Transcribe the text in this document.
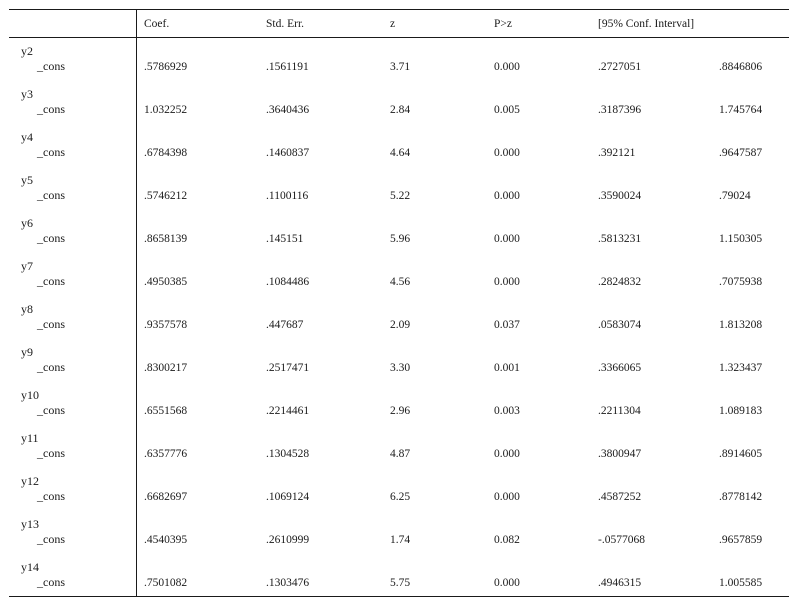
Coef.	Std. Err.	z	P>z	[95% Conf. Interval]
y2
_cons	.5786929	.1561191	3.71	0.000	.2727051	.8846806
y3
_cons	1.032252	.3640436	2.84	0.005	.3187396	1.745764
y4
_cons	.6784398	.1460837	4.64	0.000	.392121	.9647587
y5
_cons	.5746212	.1100116	5.22	0.000	.3590024	.79024
y6
_cons	.8658139	.145151	5.96	0.000	.5813231	1.150305
y7
_cons	.4950385	.1084486	4.56	0.000	.2824832	.7075938
y8
_cons	.9357578	.447687	2.09	0.037	.0583074	1.813208
y9
_cons	.8300217	.2517471	3.30	0.001	.3366065	1.323437
y10
_cons	.6551568	.2214461	2.96	0.003	.2211304	1.089183
y11
_cons	.6357776	.1304528	4.87	0.000	.3800947	.8914605
y12
_cons	.6682697	.1069124	6.25	0.000	.4587252	.8778142
y13
_cons	.4540395	.2610999	1.74	0.082	-.0577068	.9657859
y14
_cons	.7501082	.1303476	5.75	0.000	.4946315	1.005585
